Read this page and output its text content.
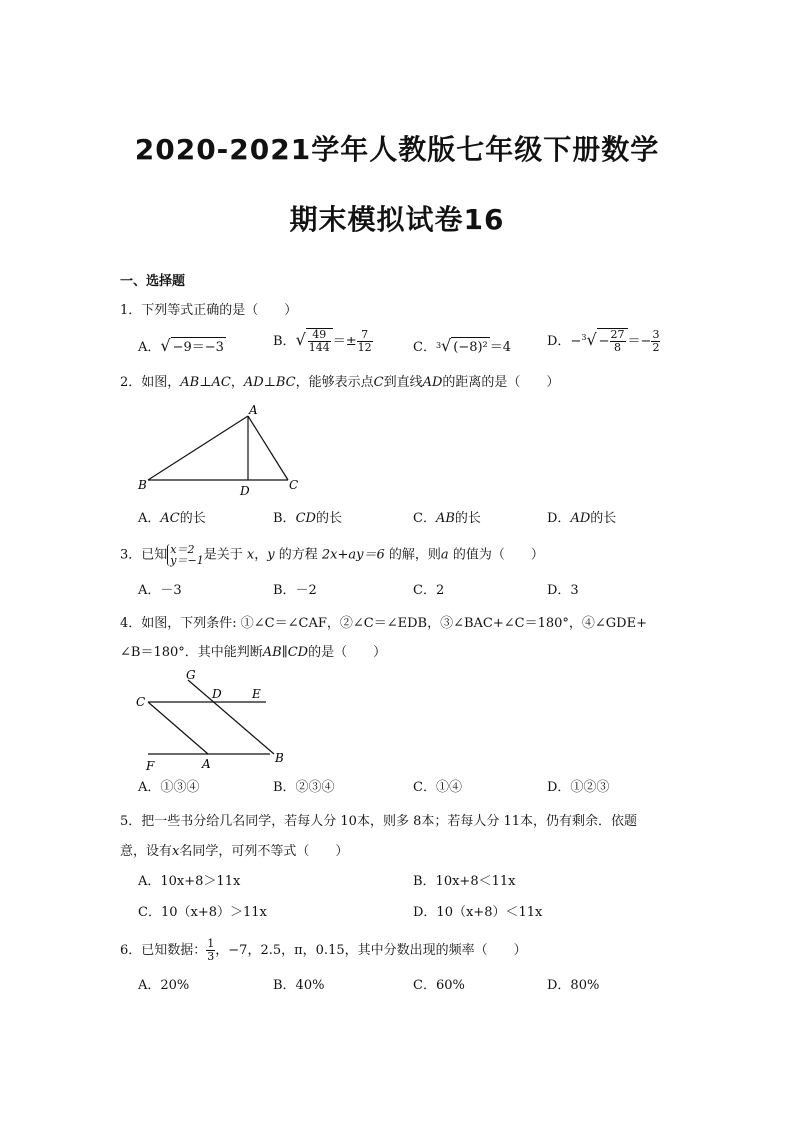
2020-2021学年人教版七年级下册数学
期末模拟试卷16
一、选择题
1．下列等式正确的是（　　）
A．√ −9＝−3	B．√ $\frac{49}{144} =\pm \frac{7}{12}$	C．$^3$√ (−8)² ＝4	D．$-^3√ - \frac{27}{8} =- \frac{3}{2}$
2．如图，AB⊥AC，AD⊥BC，能够表示点C到直线AD的距离的是（　　）
A
B	D	C
A．AC的长	B．CD的长	C．AB的长	D．AD的长
3．已知 x＝2
y＝−1 是关于 x，y 的方程 2x+ay＝6 的解，则a 的值为（　　）
A．－3	B．－2	C．2	D．3
4．如图，下列条件: ①∠C＝∠CAF，②∠C＝∠EDB，③∠BAC+∠C＝180°，④∠GDE+
∠B＝180°．其中能判断AB∥CD的是（　　）
G
D	E
C
B
F	A
A．①③④	B．②③④	C．①④	D．①②③
5．把一些书分给几名同学，若每人分 10本，则多 8本；若每人分 11本，仍有剩余．依题
意，设有x名同学，可列不等式（　　）
A．10x+8＞11x	B．10x+8＜11x
C．10（x+8）＞11x	D．10（x+8）＜11x
6．已知数据： $\frac{1}{3}$ ，−7，2.5，π，0.15，其中分数出现的频率（　　）
A．20%	B．40%	C．60%	D．80%
